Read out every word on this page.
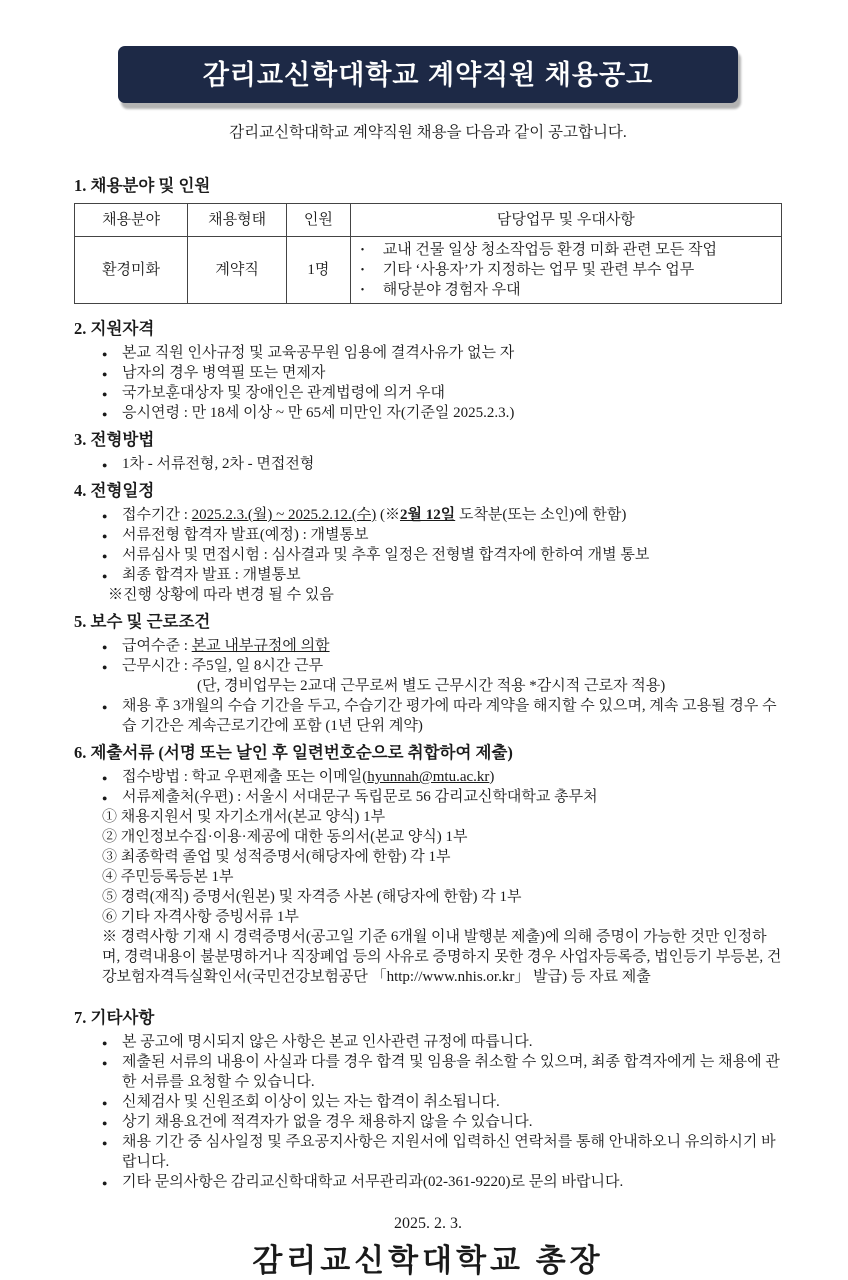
감리교신학대학교 계약직원 채용공고
감리교신학대학교 계약직원 채용을 다음과 같이 공고합니다.
1. 채용분야 및 인원
채용분야	채용형태	인원	담당업무 및 우대사항
환경미화	계약직	1명	
•	교내 건물 일상 청소작업등 환경 미화 관련 모든 작업
•	기타 ‘사용자’가 지정하는 업무 및 관련 부수 업무
•	해당분야 경험자 우대
2. 지원자격
● 본교 직원 인사규정 및 교육공무원 임용에 결격사유가 없는 자
● 남자의 경우 병역필 또는 면제자
● 국가보훈대상자 및 장애인은 관계법령에 의거 우대
● 응시연령 : 만 18세 이상 ~ 만 65세 미만인 자(기준일 2025.2.3.)
3. 전형방법
● 1차 - 서류전형, 2차 - 면접전형
4. 전형일정
● 접수기간 : 2025.2.3.(월) ~ 2025.2.12.(수) (※2월 12일 도착분(또는 소인)에 한함)
● 서류전형 합격자 발표(예정) : 개별통보
● 서류심사 및 면접시험 : 심사결과 및 추후 일정은 전형별 합격자에 한하여 개별 통보
● 최종 합격자 발표 : 개별통보
※진행 상황에 따라 변경 될 수 있음
5. 보수 및 근로조건
● 급여수준 : 본교 내부규정에 의함
● 근무시간 : 주5일, 일 8시간 근무
(단, 경비업무는 2교대 근무로써 별도 근무시간 적용 *감시적 근로자 적용)
● 채용 후 3개월의 수습 기간을 두고, 수습기간 평가에 따라 계약을 해지할 수 있으며, 계속 고용될 경우 수습 기간은 계속근로기간에 포함 (1년 단위 계약)
6. 제출서류 (서명 또는 날인 후 일련번호순으로 취합하여 제출)
● 접수방법 : 학교 우편제출 또는 이메일(hyunnah@mtu.ac.kr)
● 서류제출처(우편) : 서울시 서대문구 독립문로 56 감리교신학대학교 총무처
① 채용지원서 및 자기소개서(본교 양식) 1부
② 개인정보수집·이용·제공에 대한 동의서(본교 양식) 1부
③ 최종학력 졸업 및 성적증명서(해당자에 한함) 각 1부
④ 주민등록등본 1부
⑤ 경력(재직) 증명서(원본) 및 자격증 사본 (해당자에 한함) 각 1부
⑥ 기타 자격사항 증빙서류 1부
※ 경력사항 기재 시 경력증명서(공고일 기준 6개월 이내 발행분 제출)에 의해 증명이 가능한 것만 인정하며, 경력내용이 불분명하거나 직장폐업 등의 사유로 증명하지 못한 경우 사업자등록증, 법인등기 부등본, 건강보험자격득실확인서(국민건강보험공단 「http://www.nhis.or.kr」 발급) 등 자료 제출
7. 기타사항
● 본 공고에 명시되지 않은 사항은 본교 인사관련 규정에 따릅니다.
● 제출된 서류의 내용이 사실과 다를 경우 합격 및 임용을 취소할 수 있으며, 최종 합격자에게 는 채용에 관한 서류를 요청할 수 있습니다.
● 신체검사 및 신원조회 이상이 있는 자는 합격이 취소됩니다.
● 상기 채용요건에 적격자가 없을 경우 채용하지 않을 수 있습니다.
● 채용 기간 중 심사일정 및 주요공지사항은 지원서에 입력하신 연락처를 통해 안내하오니 유의하시기 바랍니다.
● 기타 문의사항은 감리교신학대학교 서무관리과(02-361-9220)로 문의 바랍니다.
2025. 2. 3.
감리교신학대학교 총장
